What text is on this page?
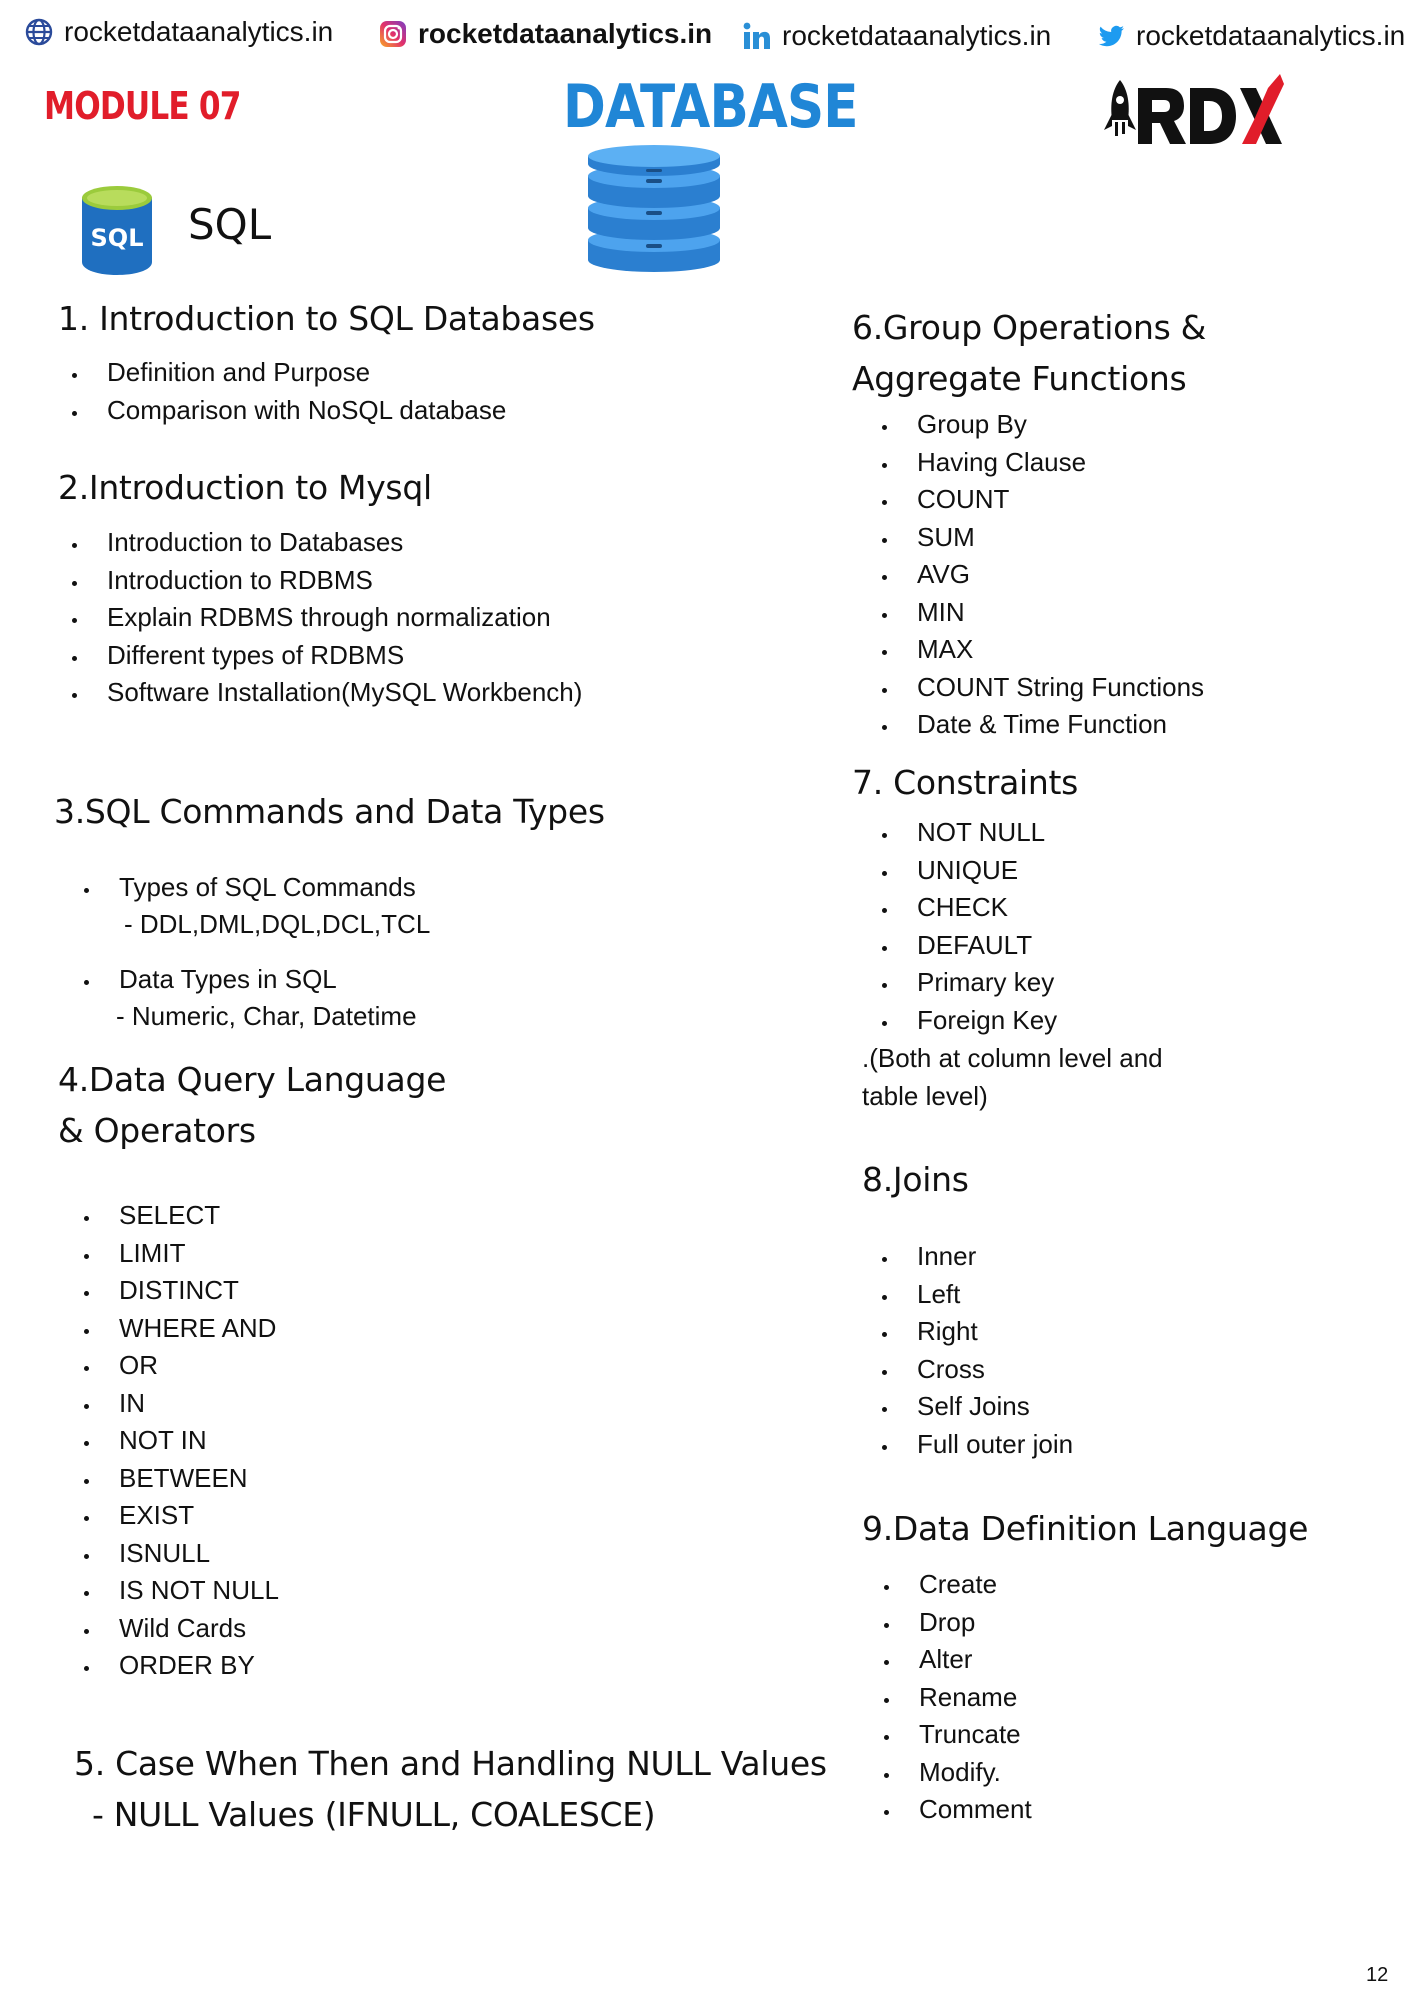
rocketdataanalytics.in	rocketdataanalytics.in rocketdataanalytics.in	rocketdataanalytics.in
MODULE 07	DATABASE
SQL SQL
1. Introduction to SQL Databases
Definition and Purpose
Comparison with NoSQL database
2.Introduction to Mysql
Introduction to Databases
Introduction to RDBMS
Explain RDBMS through normalization
Different types of RDBMS
Software Installation(MySQL Workbench)
3.SQL Commands and Data Types
Types of SQL Commands
- DDL,DML,DQL,DCL,TCL
Data Types in SQL
- Numeric, Char, Datetime
4.Data Query Language
& Operators
SELECT
LIMIT
DISTINCT
WHERE AND
OR
IN
NOT IN
BETWEEN
EXIST
ISNULL
IS NOT NULL
Wild Cards
ORDER BY
5. Case When Then and Handling NULL Values
- NULL Values (IFNULL, COALESCE)
6.Group Operations &
Aggregate Functions
Group By
Having Clause
COUNT
SUM
AVG
MIN
MAX
COUNT String Functions
Date & Time Function
7. Constraints
NOT NULL
UNIQUE
CHECK
DEFAULT
Primary key
Foreign Key
.(Both at column level and
table level)
8.Joins
Inner
Left
Right
Cross
Self Joins
Full outer join
9.Data Definition Language
Create
Drop
Alter
Rename
Truncate
Modify.
Comment
12
